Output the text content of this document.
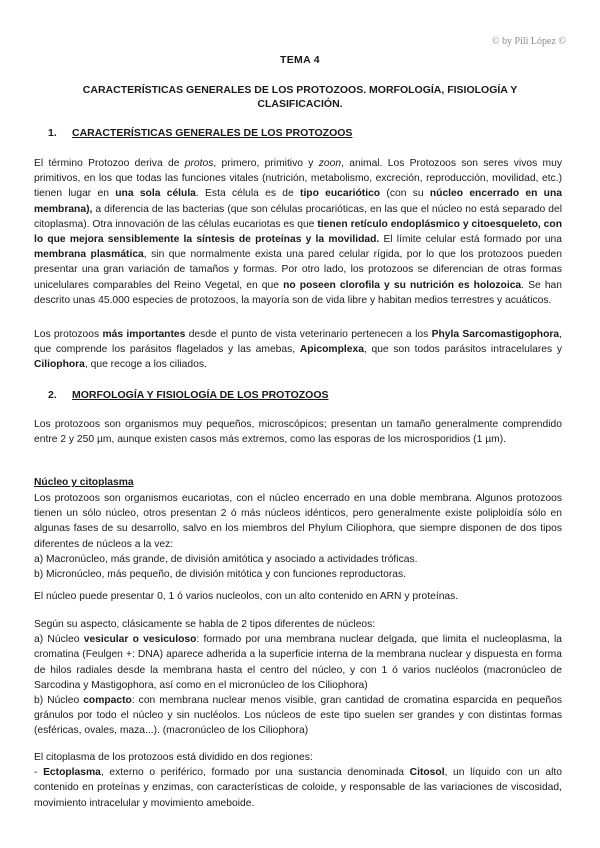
© by Pili López ©
TEMA 4
CARACTERÍSTICAS GENERALES DE LOS PROTOZOOS. MORFOLOGÍA, FISIOLOGÍA Y CLASIFICACIÓN.
1. CARACTERÍSTICAS GENERALES DE LOS PROTOZOOS

El término Protozoo deriva de protos, primero, primitivo y zoon, animal. Los Protozoos son seres vivos muy primitivos, en los que todas las funciones vitales (nutrición, metabolismo, excreción, reproducción, movilidad, etc.) tienen lugar en una sola célula. Esta célula es de tipo eucariótico (con su núcleo encerrado en una membrana), a diferencia de las bacterias (que son células procarióticas, en las que el núcleo no está separado del citoplasma). Otra innovación de las células eucariotas es que tienen retículo endoplásmico y citoesqueleto, con lo que mejora sensiblemente la síntesis de proteínas y la movilidad. El límite celular está formado por una membrana plasmática, sin que normalmente exista una pared celular rígida, por lo que los protozoos pueden presentar una gran variación de tamaños y formas. Por otro lado, los protozoos se diferencian de otras formas unicelulares comparables del Reino Vegetal, en que no poseen clorofila y su nutrición es holozoica. Se han descrito unas 45.000 especies de protozoos, la mayoría son de vida libre y habitan medios terrestres y acuáticos.

Los protozoos más importantes desde el punto de vista veterinario pertenecen a los Phyla Sarcomastigophora, que comprende los parásitos flagelados y las amebas, Apicomplexa, que son todos parásitos intracelulares y Ciliophora, que recoge a los ciliados.

2. MORFOLOGÍA Y FISIOLOGÍA DE LOS PROTOZOOS

Los protozoos son organismos muy pequeños, microscópicos; presentan un tamaño generalmente comprendido entre 2 y 250 µm, aunque existen casos más extremos, como las esporas de los microsporidios (1 µm).

Núcleo y citoplasma

Los protozoos son organismos eucariotas, con el núcleo encerrado en una doble membrana. Algunos protozoos tienen un sólo núcleo, otros presentan 2 ó más núcleos idénticos, pero generalmente existe poliploidía sólo en algunas fases de su desarrollo, salvo en los miembros del Phylum Ciliophora, que siempre disponen de dos tipos diferentes de núcleos a la vez:
a) Macronúcleo, más grande, de división amitótica y asociado a actividades tróficas.
b) Micronúcleo, más pequeño, de división mitótica y con funciones reproductoras.

El núcleo puede presentar 0, 1 ó varios nucleolos, con un alto contenido en ARN y proteínas.

Según su aspecto, clásicamente se habla de 2 tipos diferentes de núcleos:
a) Núcleo vesicular o vesiculoso: formado por una membrana nuclear delgada, que limita el nucleoplasma, la cromatina (Feulgen +: DNA) aparece adherida a la superficie interna de la membrana nuclear y dispuesta en forma de hilos radiales desde la membrana hasta el centro del núcleo, y con 1 ó varios nucléolos (macronúcleo de Sarcodina y Mastigophora, así como en el micronúcleo de los Ciliophora)
b) Núcleo compacto: con membrana nuclear menos visible, gran cantidad de cromatina esparcida en pequeños gránulos por todo el núcleo y sin nucléolos. Los núcleos de este tipo suelen ser grandes y con distintas formas (esféricas, ovales, maza...). (macronúcleo de los Ciliophora)

El citoplasma de los protozoos está dividido en dos regiones:
- Ectoplasma, externo o periférico, formado por una sustancia denominada Citosol, un líquido con un alto contenido en proteínas y enzimas, con características de coloide, y responsable de las variaciones de viscosidad, movimiento intracelular y movimiento ameboide.
